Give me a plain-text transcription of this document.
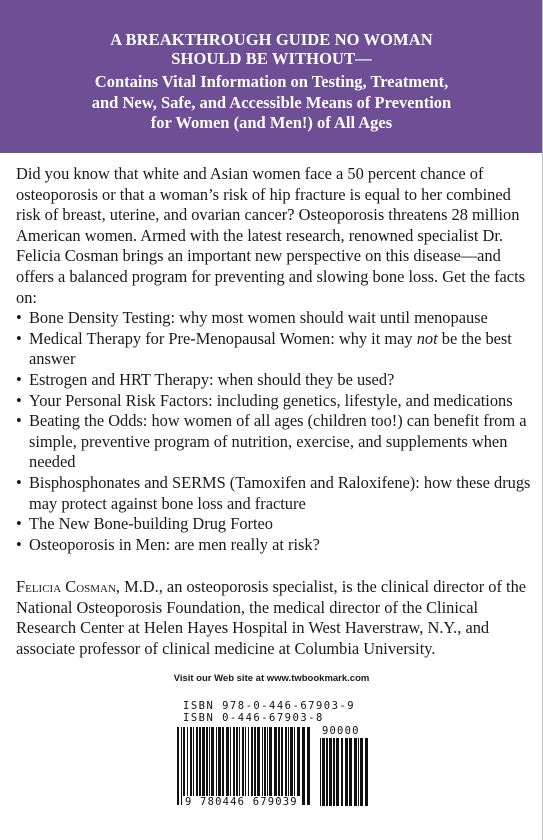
A BREAKTHROUGH GUIDE NO WOMAN
SHOULD BE WITHOUT—
Contains Vital Information on Testing, Treatment,
and New, Safe, and Accessible Means of Prevention
for Women (and Men!) of All Ages

Did you know that white and Asian women face a 50 percent chance of osteoporosis or that a woman’s risk of hip fracture is equal to her combined risk of breast, uterine, and ovarian cancer? Osteoporosis threatens 28 million American women. Armed with the latest research, renowned specialist Dr. Felicia Cosman brings an important new perspective on this disease—and offers a balanced program for preventing and slowing bone loss. Get the facts on:

• Bone Density Testing: why most women should wait until menopause
• Medical Therapy for Pre-Menopausal Women: why it may not be the best answer
• Estrogen and HRT Therapy: when should they be used?
• Your Personal Risk Factors: including genetics, lifestyle, and medications
• Beating the Odds: how women of all ages (children too!) can benefit from a simple, preventive program of nutrition, exercise, and supplements when needed
• Bisphosphonates and SERMS (Tamoxifen and Raloxifene): how these drugs may protect against bone loss and fracture
• The New Bone-building Drug Forteo
• Osteoporosis in Men: are men really at risk?

Felicia Cosman, M.D., an osteoporosis specialist, is the clinical director of the National Osteoporosis Foundation, the medical director of the Clinical Research Center at Helen Hayes Hospital in West Haverstraw, N.Y., and associate professor of clinical medicine at Columbia University.

Visit our Web site at www.twbookmark.com
ISBN 978-0-446-67903-9
ISBN 0-446-67903-8
9 780446 679039
90000
